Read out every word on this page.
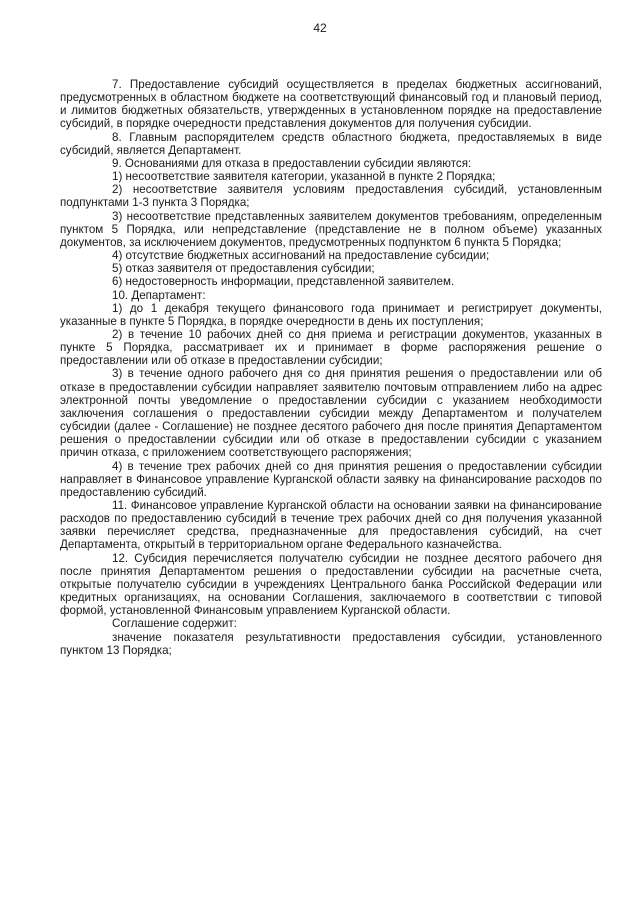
42

7. Предоставление субсидий осуществляется в пределах бюджетных ассигнований, предусмотренных в областном бюджете на соответствующий финансовый год и плановый период, и лимитов бюджетных обязательств, утвержденных в установленном порядке на предоставление субсидий, в порядке очередности представления документов для получения субсидии.

8. Главным распорядителем средств областного бюджета, предоставляемых в виде субсидий, является Департамент.

9. Основаниями для отказа в предоставлении субсидии являются:

1) несоответствие заявителя категории, указанной в пункте 2 Порядка;

2) несоответствие заявителя условиям предоставления субсидий, установленным подпунктами 1-3 пункта 3 Порядка;

3) несоответствие представленных заявителем документов требованиям, определенным пунктом 5 Порядка, или непредставление (представление не в полном объеме) указанных документов, за исключением документов, предусмотренных подпунктом 6 пункта 5 Порядка;

4) отсутствие бюджетных ассигнований на предоставление субсидии;

5) отказ заявителя от предоставления субсидии;

6) недостоверность информации, представленной заявителем.

10. Департамент:

1) до 1 декабря текущего финансового года принимает и регистрирует документы, указанные в пункте 5 Порядка, в порядке очередности в день их поступления;

2) в течение 10 рабочих дней со дня приема и регистрации документов, указанных в пункте 5 Порядка, рассматривает их и принимает в форме распоряжения решение о предоставлении или об отказе в предоставлении субсидии;

3) в течение одного рабочего дня со дня принятия решения о предоставлении или об отказе в предоставлении субсидии направляет заявителю почтовым отправлением либо на адрес электронной почты уведомление о предоставлении субсидии с указанием необходимости заключения соглашения о предоставлении субсидии между Департаментом и получателем субсидии (далее - Соглашение) не позднее десятого рабочего дня после принятия Департаментом решения о предоставлении субсидии или об отказе в предоставлении субсидии с указанием причин отказа, с приложением соответствующего распоряжения;

4) в течение трех рабочих дней со дня принятия решения о предоставлении субсидии направляет в Финансовое управление Курганской области заявку на финансирование расходов по предоставлению субсидий.

11. Финансовое управление Курганской области на основании заявки на финансирование расходов по предоставлению субсидий в течение трех рабочих дней со дня получения указанной заявки перечисляет средства, предназначенные для предоставления субсидий, на счет Департамента, открытый в территориальном органе Федерального казначейства.

12. Субсидия перечисляется получателю субсидии не позднее десятого рабочего дня после принятия Департаментом решения о предоставлении субсидии на расчетные счета, открытые получателю субсидии в учреждениях Центрального банка Российской Федерации или кредитных организациях, на основании Соглашения, заключаемого в соответствии с типовой формой, установленной Финансовым управлением Курганской области.

Соглашение содержит:

значение показателя результативности предоставления субсидии, установленного пунктом 13 Порядка;
